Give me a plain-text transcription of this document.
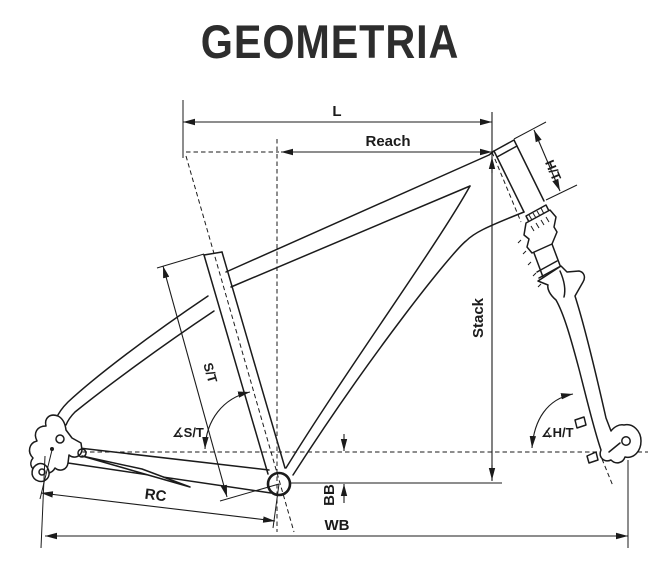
GEOMETRIA
L
Reach
H/T
Stack
S/T
∡S/T	∡H/T
RC	BB
WB
